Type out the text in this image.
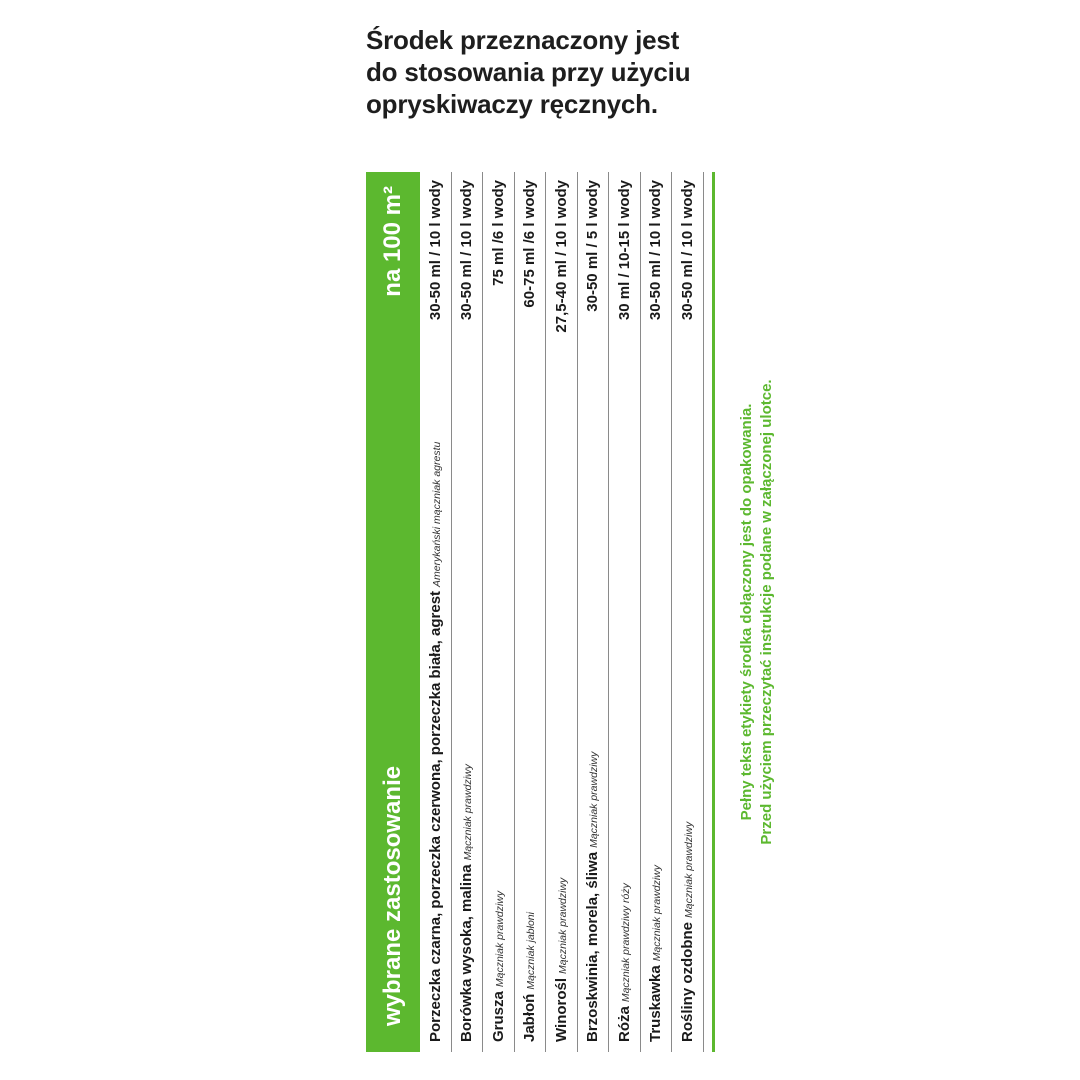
Środek przeznaczony jest
do stosowania przy użyciu
opryskiwaczy ręcznych.
wybrane zastosowanie
na 100 m²
Porzeczka czarna, porzeczka czerwona, porzeczka biała, agrestAmerykański mączniak agrestu
30-50 ml / 10 l wody
Borówka wysoka, malinaMączniak prawdziwy
30-50 ml / 10 l wody
GruszaMączniak prawdziwy
75 ml /6 l wody
JabłońMączniak jabłoni
60-75 ml /6 l wody
WinoroślMączniak prawdziwy
27,5-40 ml / 10 l wody
Brzoskwinia, morela, śliwaMączniak prawdziwy
30-50 ml / 5 l wody
RóżaMączniak prawdziwy róży
30 ml / 10-15 l wody
TruskawkaMączniak prawdziwy
30-50 ml / 10 l wody
Rośliny ozdobneMączniak prawdziwy
30-50 ml / 10 l wody
Pełny tekst etykiety środka dołączony jest do opakowania. Przed użyciem przeczytać instrukcje podane w załączonej ulotce.
